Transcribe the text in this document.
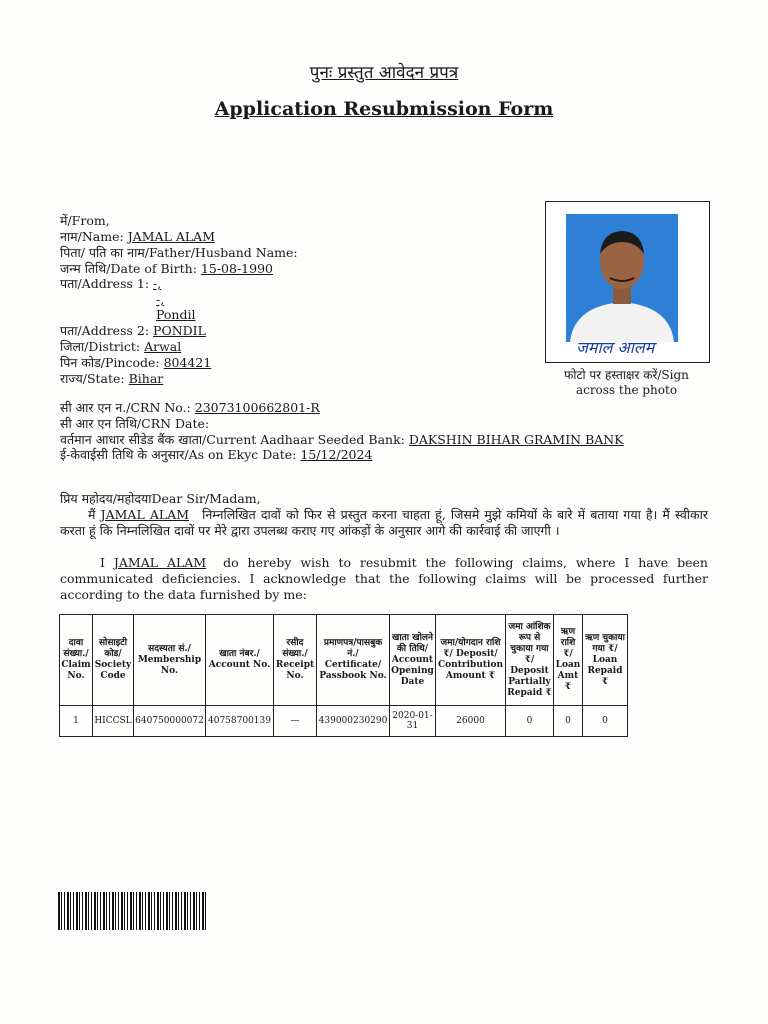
पुनः प्रस्तुत आवेदन प्रपत्र
Application Resubmission Form
में/From,
नाम/Name: JAMAL ALAM
पिता/ पति का नाम/Father/Husband Name:
जन्म तिथि/Date of Birth: 15-08-1990
पता/Address 1: -,
-,
Pondil
पता/Address 2: PONDIL
जिला/District: Arwal
पिन कोड/Pincode: 804421
राज्य/State: Bihar
जमाल आलम
फोटो पर हस्ताक्षर करें/Sign
across the photo
सी आर एन न./CRN No.: 23073100662801-R
सी आर एन तिथि/CRN Date:
वर्तमान आधार सीडेड बैंक खाता/Current Aadhaar Seeded Bank: DAKSHIN BIHAR GRAMIN BANK
ई-केवाईसी तिथि के अनुसार/As on Ekyc Date: 15/12/2024
प्रिय महोदय/महोदयाDear Sir/Madam,
मैं JAMAL ALAM निम्नलिखित दावों को फिर से प्रस्तुत करना चाहता हूं, जिसमे मुझे कमियों के बारे में बताया गया है। मैं स्वीकार करता हूं कि निम्नलिखित दावों पर मेरे द्वारा उपलब्ध कराए गए आंकड़ों के अनुसार आगे की कार्रवाई की जाएगी ।
I JAMAL ALAM do hereby wish to resubmit the following claims, where I have been communicated deficiencies. I acknowledge that the following claims will be processed further according to the data furnished by me:
दावा संख्या./ Claim No.	सोसाइटी कोड/ Society Code	सदस्यता सं./ Membership No.	खाता नंबर./ Account No.	रसीद संख्या./ Receipt No.	प्रमाणपत्र/पासबुक नं./ Certificate/ Passbook No.	खाता खोलने की तिथि/ Account Opening Date	जमा/योगदान राशि ₹/ Deposit/ Contribution Amount ₹	जमा आंशिक रूप से चुकाया गया ₹/ Deposit Partially Repaid ₹	ऋण राशि ₹/ Loan Amt ₹	ऋण चुकाया गया ₹/ Loan Repaid ₹
1	HICCSL	640750000072	40758700139	—	439000230290	2020-01-31	26000	0	0	0
